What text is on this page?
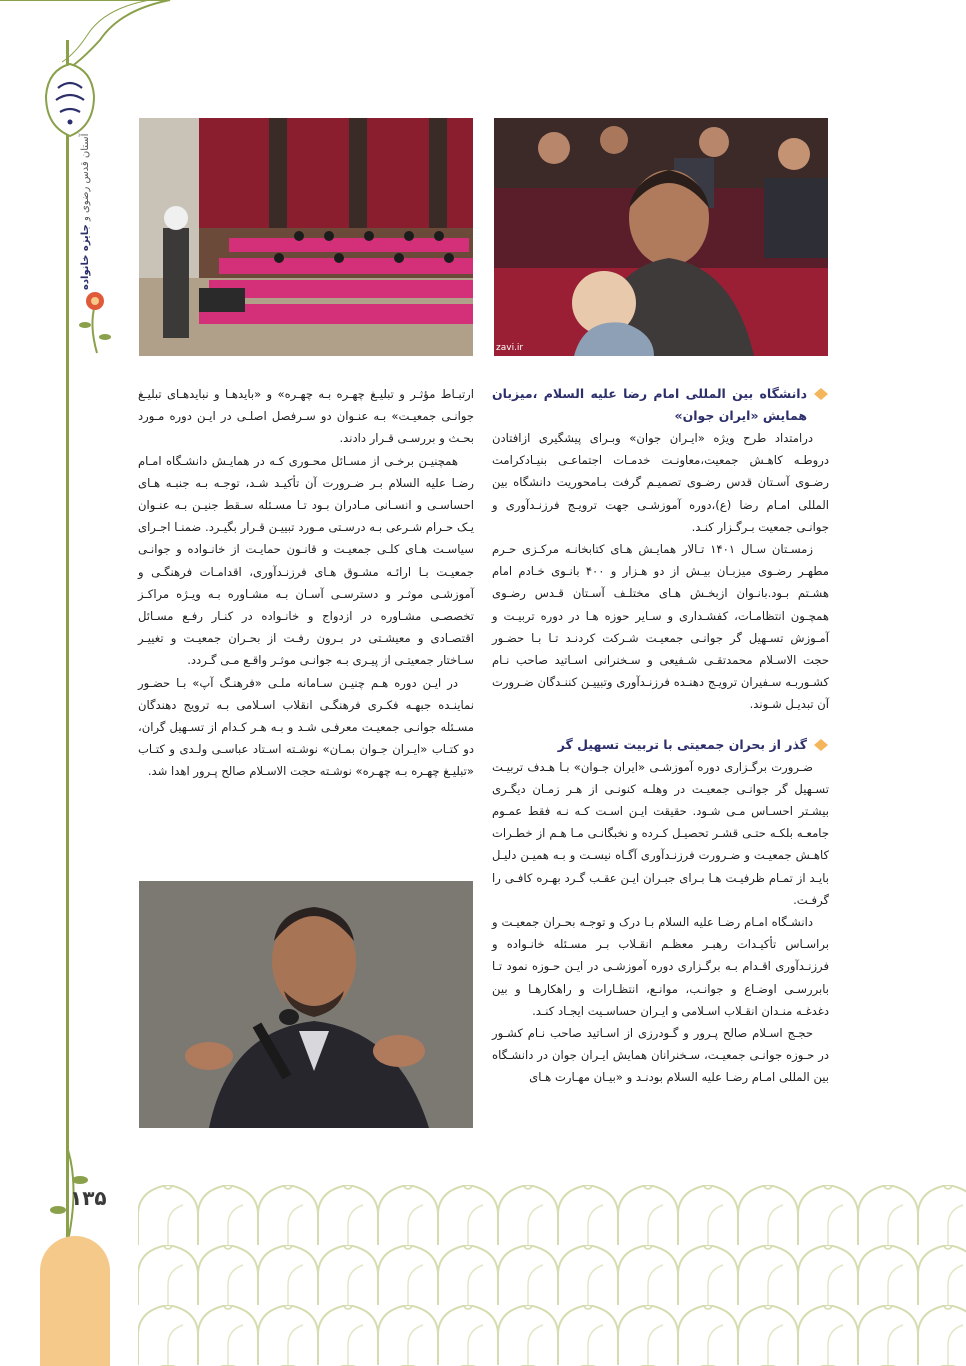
آستان قدس رضوی و جایزه خانواده
zavi.ir

دانشگاه بین المللی امام رضا علیه السلام ،میزبان همایش «ایران جوان»

درامتداد طرح ویژه «ایـران جوان» وبـرای پیشگیری ازافتادن دروطـه کاهـش جمعیت،معاونـت خدمـات اجتماعـی بنیـادکرامت رضـوی آسـتان قدس رضـوی تصمیـم گرفت بـامحوریت دانشگاه بین المللی امـام رضا (ع)،دوره آموزشـی جهت ترویـج فرزنـدآوری و جوانـی جمعیت بـرگـزار کنـد.

زمسـتان سـال ۱۴۰۱ تـالار همایـش هـای کتابخانـه مرکـزی حـرم مطهـر رضـوی میزبـان بیـش از دو هـزار و ۴۰۰ بانـوی خـادم امام هشـتم بـود.بانـوان ازبخـش هـای مختلـف آسـتان قـدس رضـوی همچـون انتظامـات، کفشـداری و سـایر حوزه هـا در دوره تربیـت و آمـوزش تسـهیل گر جوانـی جمعیـت شـرکت کردنـد تـا بـا حضـور حجت الاسـلام محمدتقـی شـفیعی و سـخنرانی اسـاتید صاحب نـام کشـوربـه سـفیران ترویـج دهنـده فرزنـدآوری وتبییـن کننـدگان ضـرورت آن تبدیـل شـوند.

گذر از بحران جمعیتی با تربیت تسهیل گر

ضـرورت برگـزاری دوره آموزشـی «ایران جـوان» بـا هـدف تربیـت تسـهیل گر جوانـی جمعیـت در وهلـه کنونـی از هـر زمـان دیگـری بیشـتر احسـاس مـی شـود. حقیقت ایـن اسـت کـه نـه فقط عمـوم جامعـه بلکـه حتـی قشـر تحصیـل کـرده و نخبگانـی مـا هـم از خطـرات کاهـش جمعیـت و ضـرورت فرزنـدآوری آگـاه نیسـت و بـه همیـن دلیـل بایـد از تمـام ظرفیـت هـا بـرای جبـران ایـن عقـب گـرد بهـره کافـی را گرفـت.

دانشـگاه امـام رضـا علیه السلام بـا درک و توجـه بحـران جمعیـت و براسـاس تأکیـدات رهبـر معظـم انقـلاب بـر مسـئله خانـواده و فرزنـدآوری اقـدام بـه برگـزاری دوره آموزشـی در ایـن حـوزه نمود تـا بابررسـی اوضـاع و جوانـب، موانـع، انتظـارات و راهکارهـا و بین دغدغـه منـدان انقـلاب اسـلامی و ایـران حساسـیت ایجـاد کنـد.

حجـج اسـلام صالح پـرور و گـودرزی از اسـاتید صاحب نـام کشـور در حـوزه جوانـی جمعیـت، سـخنرانان همایش ایـران جوان در دانشـگاه بین المللی امـام رضـا علیه السلام بودنـد و «بیـان مهـارت هـای

ارتبـاط مؤثـر و تبلیـغ چهـره بـه چهـره» و «بایدهـا و نبایدهـای تبلیـغ جوانـی جمعیـت» بـه عنـوان دو سـرفصل اصلـی در ایـن دوره مـورد بحـث و بررسـی قـرار دادند.

همچنیـن برخـی از مسـائل محـوری کـه در همایـش دانشـگاه امـام رضـا علیه السلام بـر ضـرورت آن تأکیـد شـد، توجـه بـه جنبـه هـای احساسـی و انسـانی مـادران بـود تـا مسـئله سـقط جنیـن بـه عنـوان یـک حـرام شـرعی بـه درسـتی مـورد تبییـن قـرار بگیـرد. ضمنـا اجـرای سیاسـت هـای کلـی جمعیـت و قانـون حمایـت از خانـواده و جوانـی جمعیـت بـا ارائـه مشـوق هـای فرزنـدآوری، اقدامـات فرهنگـی و آموزشـی موثـر و دسترسـی آسـان بـه مشـاوره بـه ویـژه مراکـز تخصصـی مشـاوره در ازدواج و خانـواده در کنـار رفـع مسـائل اقتصـادی و معیشـتی در بـرون رفـت از بحـران جمعیـت و تغییـر سـاختار جمعیتـی از پیـری بـه جوانـی موثـر واقـع مـی گـردد.

در ایـن دوره هـم چنیـن سـامانه ملـی «فرهنـگ آپ» بـا حضـور نماینـده جبهـه فکـری فرهنگـی انقلاب اسـلامی بـه ترویج دهندگان مسـئله جوانـی جمعیـت معرفـی شـد و بـه هـر کـدام از تسـهیل گران، دو کتـاب «ایـران جـوان بمـان» نوشـته اسـتاد عباسـی ولـدی و کتـاب «تبلیـغ چهـره بـه چهـره» نوشـته حجت الاسـلام صالح پـرور اهدا شد.

۱۳۵
